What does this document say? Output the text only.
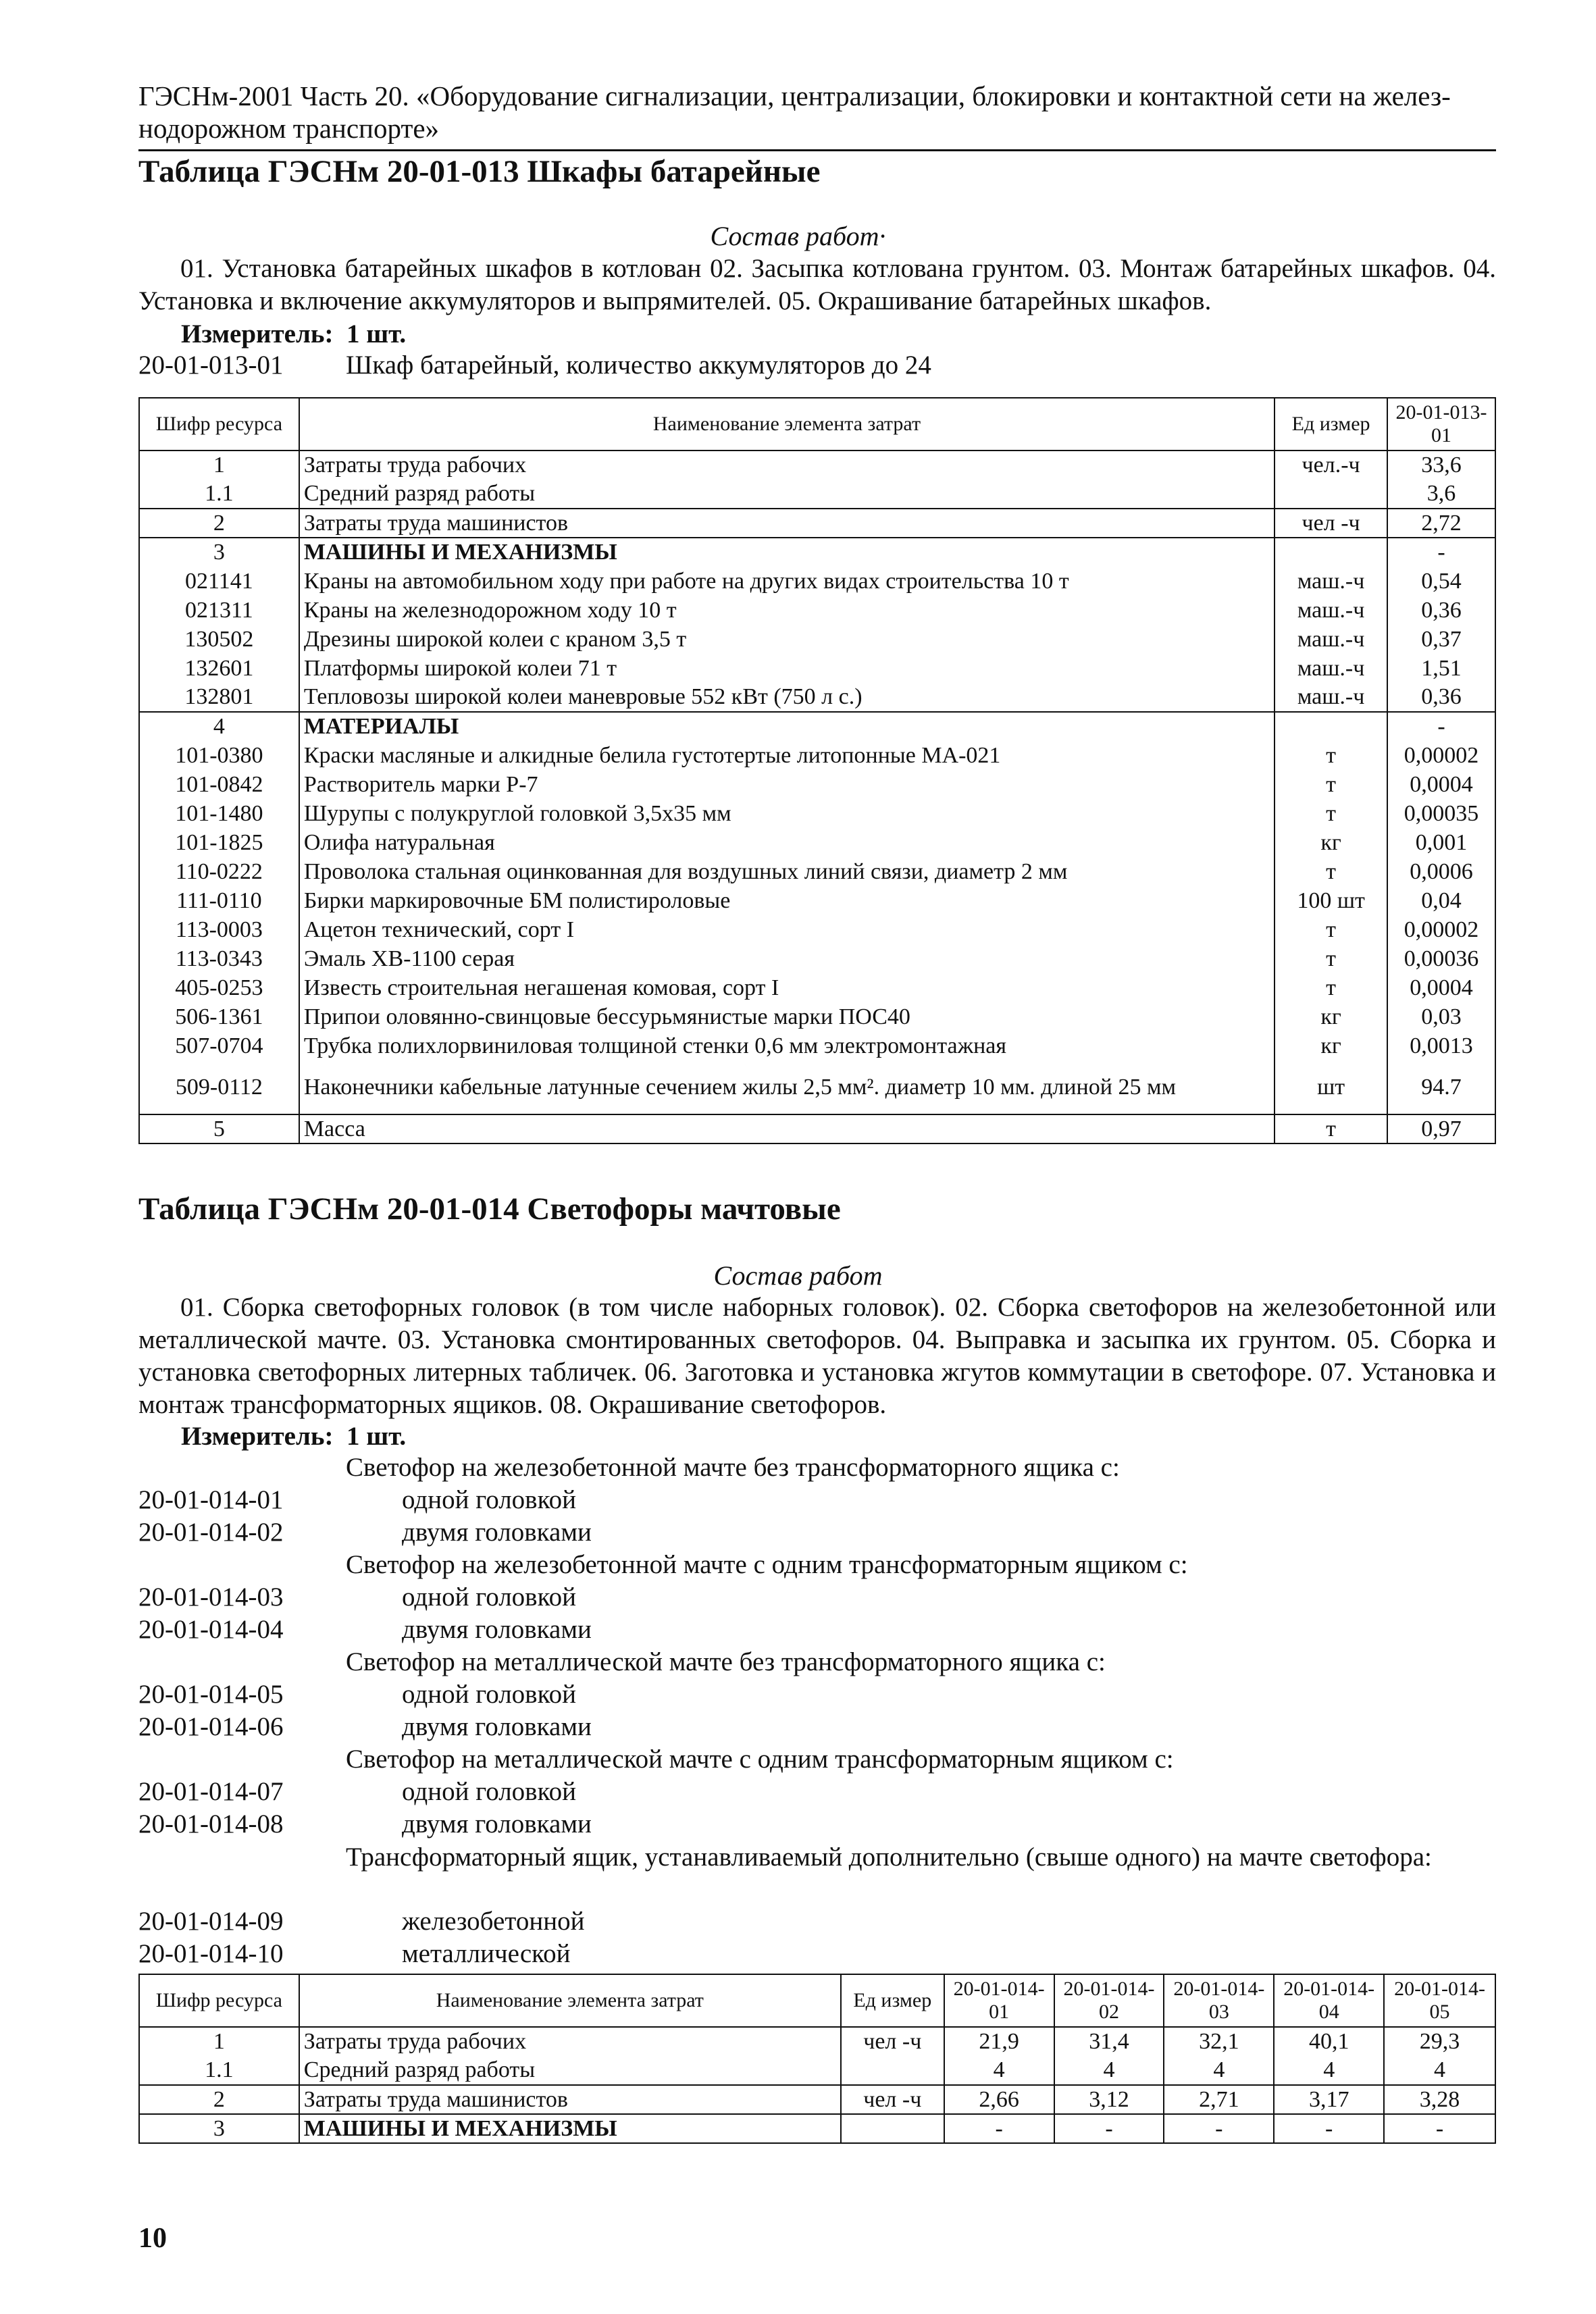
ГЭСНм-2001 Часть 20. «Оборудование сигнализации, централизации, блокировки и контактной сети на желез-нодорожном транспорте»
Таблица ГЭСНм 20-01-013 Шкафы батарейные
Состав работ·
01. Установка батарейных шкафов в котлован 02. Засыпка котлована грунтом. 03. Монтаж батарейных шкафов. 04. Установка и включение аккумуляторов и выпрямителей. 05. Окрашивание батарейных шкафов.
Измеритель: 1 шт.
20-01-013-01 Шкаф батарейный, количество аккумуляторов до 24
Шифр ресурса	Наименование элемента затрат	Ед измер	20-01-013-01
1	Затраты труда рабочих	чел.-ч	33,6
1.1	Средний разряд работы		3,6
2	Затраты труда машинистов	чел -ч	2,72
3	МАШИНЫ И МЕХАНИЗМЫ		-
021141	Краны на автомобильном ходу при работе на других видах строительства 10 т	маш.-ч	0,54
021311	Краны на железнодорожном ходу 10 т	маш.-ч	0,36
130502	Дрезины широкой колеи с краном 3,5 т	маш.-ч	0,37
132601	Платформы широкой колеи 71 т	маш.-ч	1,51
132801	Тепловозы широкой колеи маневровые 552 кВт (750 л с.)	маш.-ч	0,36
4	МАТЕРИАЛЫ		-
101-0380	Краски масляные и алкидные белила густотертые литопонные МА-021	т	0,00002
101-0842	Растворитель марки Р-7	т	0,0004
101-1480	Шурупы с полукруглой головкой 3,5x35 мм	т	0,00035
101-1825	Олифа натуральная	кг	0,001
110-0222	Проволока стальная оцинкованная для воздушных линий связи, диаметр 2 мм	т	0,0006
111-0110	Бирки маркировочные БМ полистироловые	100 шт	0,04
113-0003	Ацетон технический, сорт I	т	0,00002
113-0343	Эмаль ХВ-1100 серая	т	0,00036
405-0253	Известь строительная негашеная комовая, сорт I	т	0,0004
506-1361	Припои оловянно-свинцовые бессурьмянистые марки ПОС40	кг	0,03
507-0704	Трубка полихлорвиниловая толщиной стенки 0,6 мм электромонтажная	кг	0,0013
509-0112	Наконечники кабельные латунные сечением жилы 2,5 мм². диаметр 10 мм. длиной 25 мм	шт	94.7
5	Масса	т	0,97
Таблица ГЭСНм 20-01-014 Светофоры мачтовые
Состав работ
01. Сборка светофорных головок (в том числе наборных головок). 02. Сборка светофоров на железобетонной или металлической мачте. 03. Установка смонтированных светофоров. 04. Выправка и засыпка их грунтом. 05. Сборка и установка светофорных литерных табличек. 06. Заготовка и установка жгутов коммутации в светофоре. 07. Установка и монтаж трансформаторных ящиков. 08. Окрашивание светофоров.
Измеритель: 1 шт.
Светофор на железобетонной мачте без трансформаторного ящика с:
20-01-014-01	одной головкой
20-01-014-02	двумя головками
Светофор на железобетонной мачте с одним трансформаторным ящиком с:
20-01-014-03	одной головкой
20-01-014-04	двумя головками
Светофор на металлической мачте без трансформаторного ящика с:
20-01-014-05	одной головкой
20-01-014-06	двумя головками
Светофор на металлической мачте с одним трансформаторным ящиком с:
20-01-014-07	одной головкой
20-01-014-08	двумя головками
Трансформаторный ящик, устанавливаемый дополнительно (свыше одного) на мачте светофора:
20-01-014-09	железобетонной
20-01-014-10	металлической
Шифр ресурса	Наименование элемента затрат	Ед измер	20-01-014-01	20-01-014-02	20-01-014-03	20-01-014-04	20-01-014-05
1	Затраты труда рабочих	чел -ч	21,9	31,4	32,1	40,1	29,3
1.1	Средний разряд работы		4	4	4	4	4
2	Затраты труда машинистов	чел -ч	2,66	3,12	2,71	3,17	3,28
3	МАШИНЫ И МЕХАНИЗМЫ		-	-	-	-	-
10
